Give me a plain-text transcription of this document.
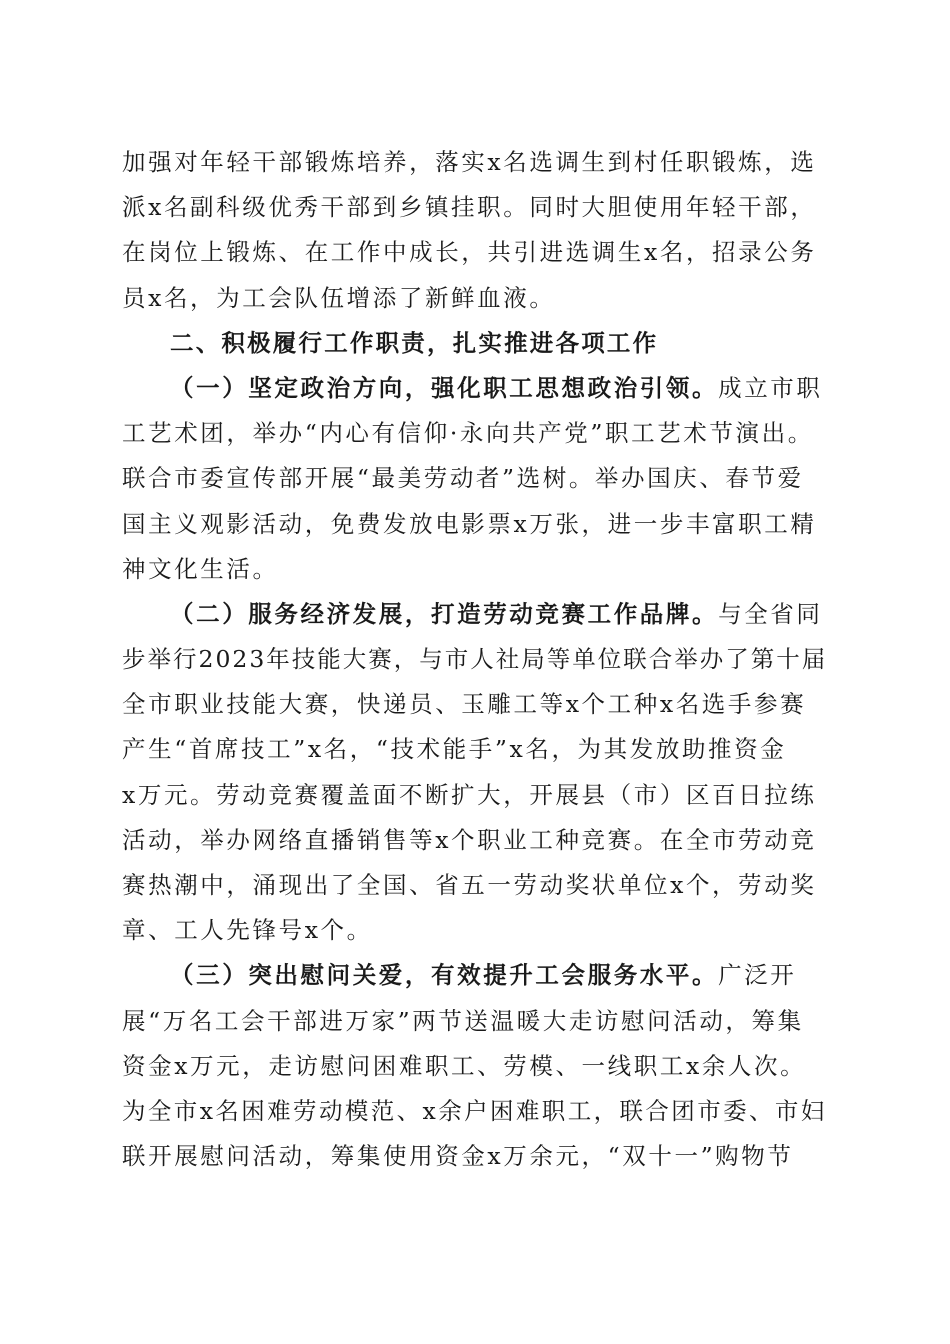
加强对年轻干部锻炼培养，落实x名选调生到村任职锻炼，选
派x名副科级优秀干部到乡镇挂职。同时大胆使用年轻干部，
在岗位上锻炼、在工作中成长，共引进选调生x名，招录公务
员x名，为工会队伍增添了新鲜血液。
二、积极履行工作职责，扎实推进各项工作
（一）坚定政治方向，强化职工思想政治引领。成立市职
工艺术团，举办“内心有信仰·永向共产党”职工艺术节演出。
联合市委宣传部开展“最美劳动者”选树。举办国庆、春节爱
国主义观影活动，免费发放电影票x万张，进一步丰富职工精
神文化生活。
（二）服务经济发展，打造劳动竞赛工作品牌。与全省同
步举行2023年技能大赛，与市人社局等单位联合举办了第十届
全市职业技能大赛，快递员、玉雕工等x个工种x名选手参赛
产生“首席技工”x名，“技术能手”x名，为其发放助推资金
x万元。劳动竞赛覆盖面不断扩大，开展县（市）区百日拉练
活动，举办网络直播销售等x个职业工种竞赛。在全市劳动竞
赛热潮中，涌现出了全国、省五一劳动奖状单位x个，劳动奖
章、工人先锋号x个。
（三）突出慰问关爱，有效提升工会服务水平。广泛开
展“万名工会干部进万家”两节送温暖大走访慰问活动，筹集
资金x万元，走访慰问困难职工、劳模、一线职工x余人次。
为全市x名困难劳动模范、x余户困难职工，联合团市委、市妇
联开展慰问活动，筹集使用资金x万余元，“双十一”购物节
